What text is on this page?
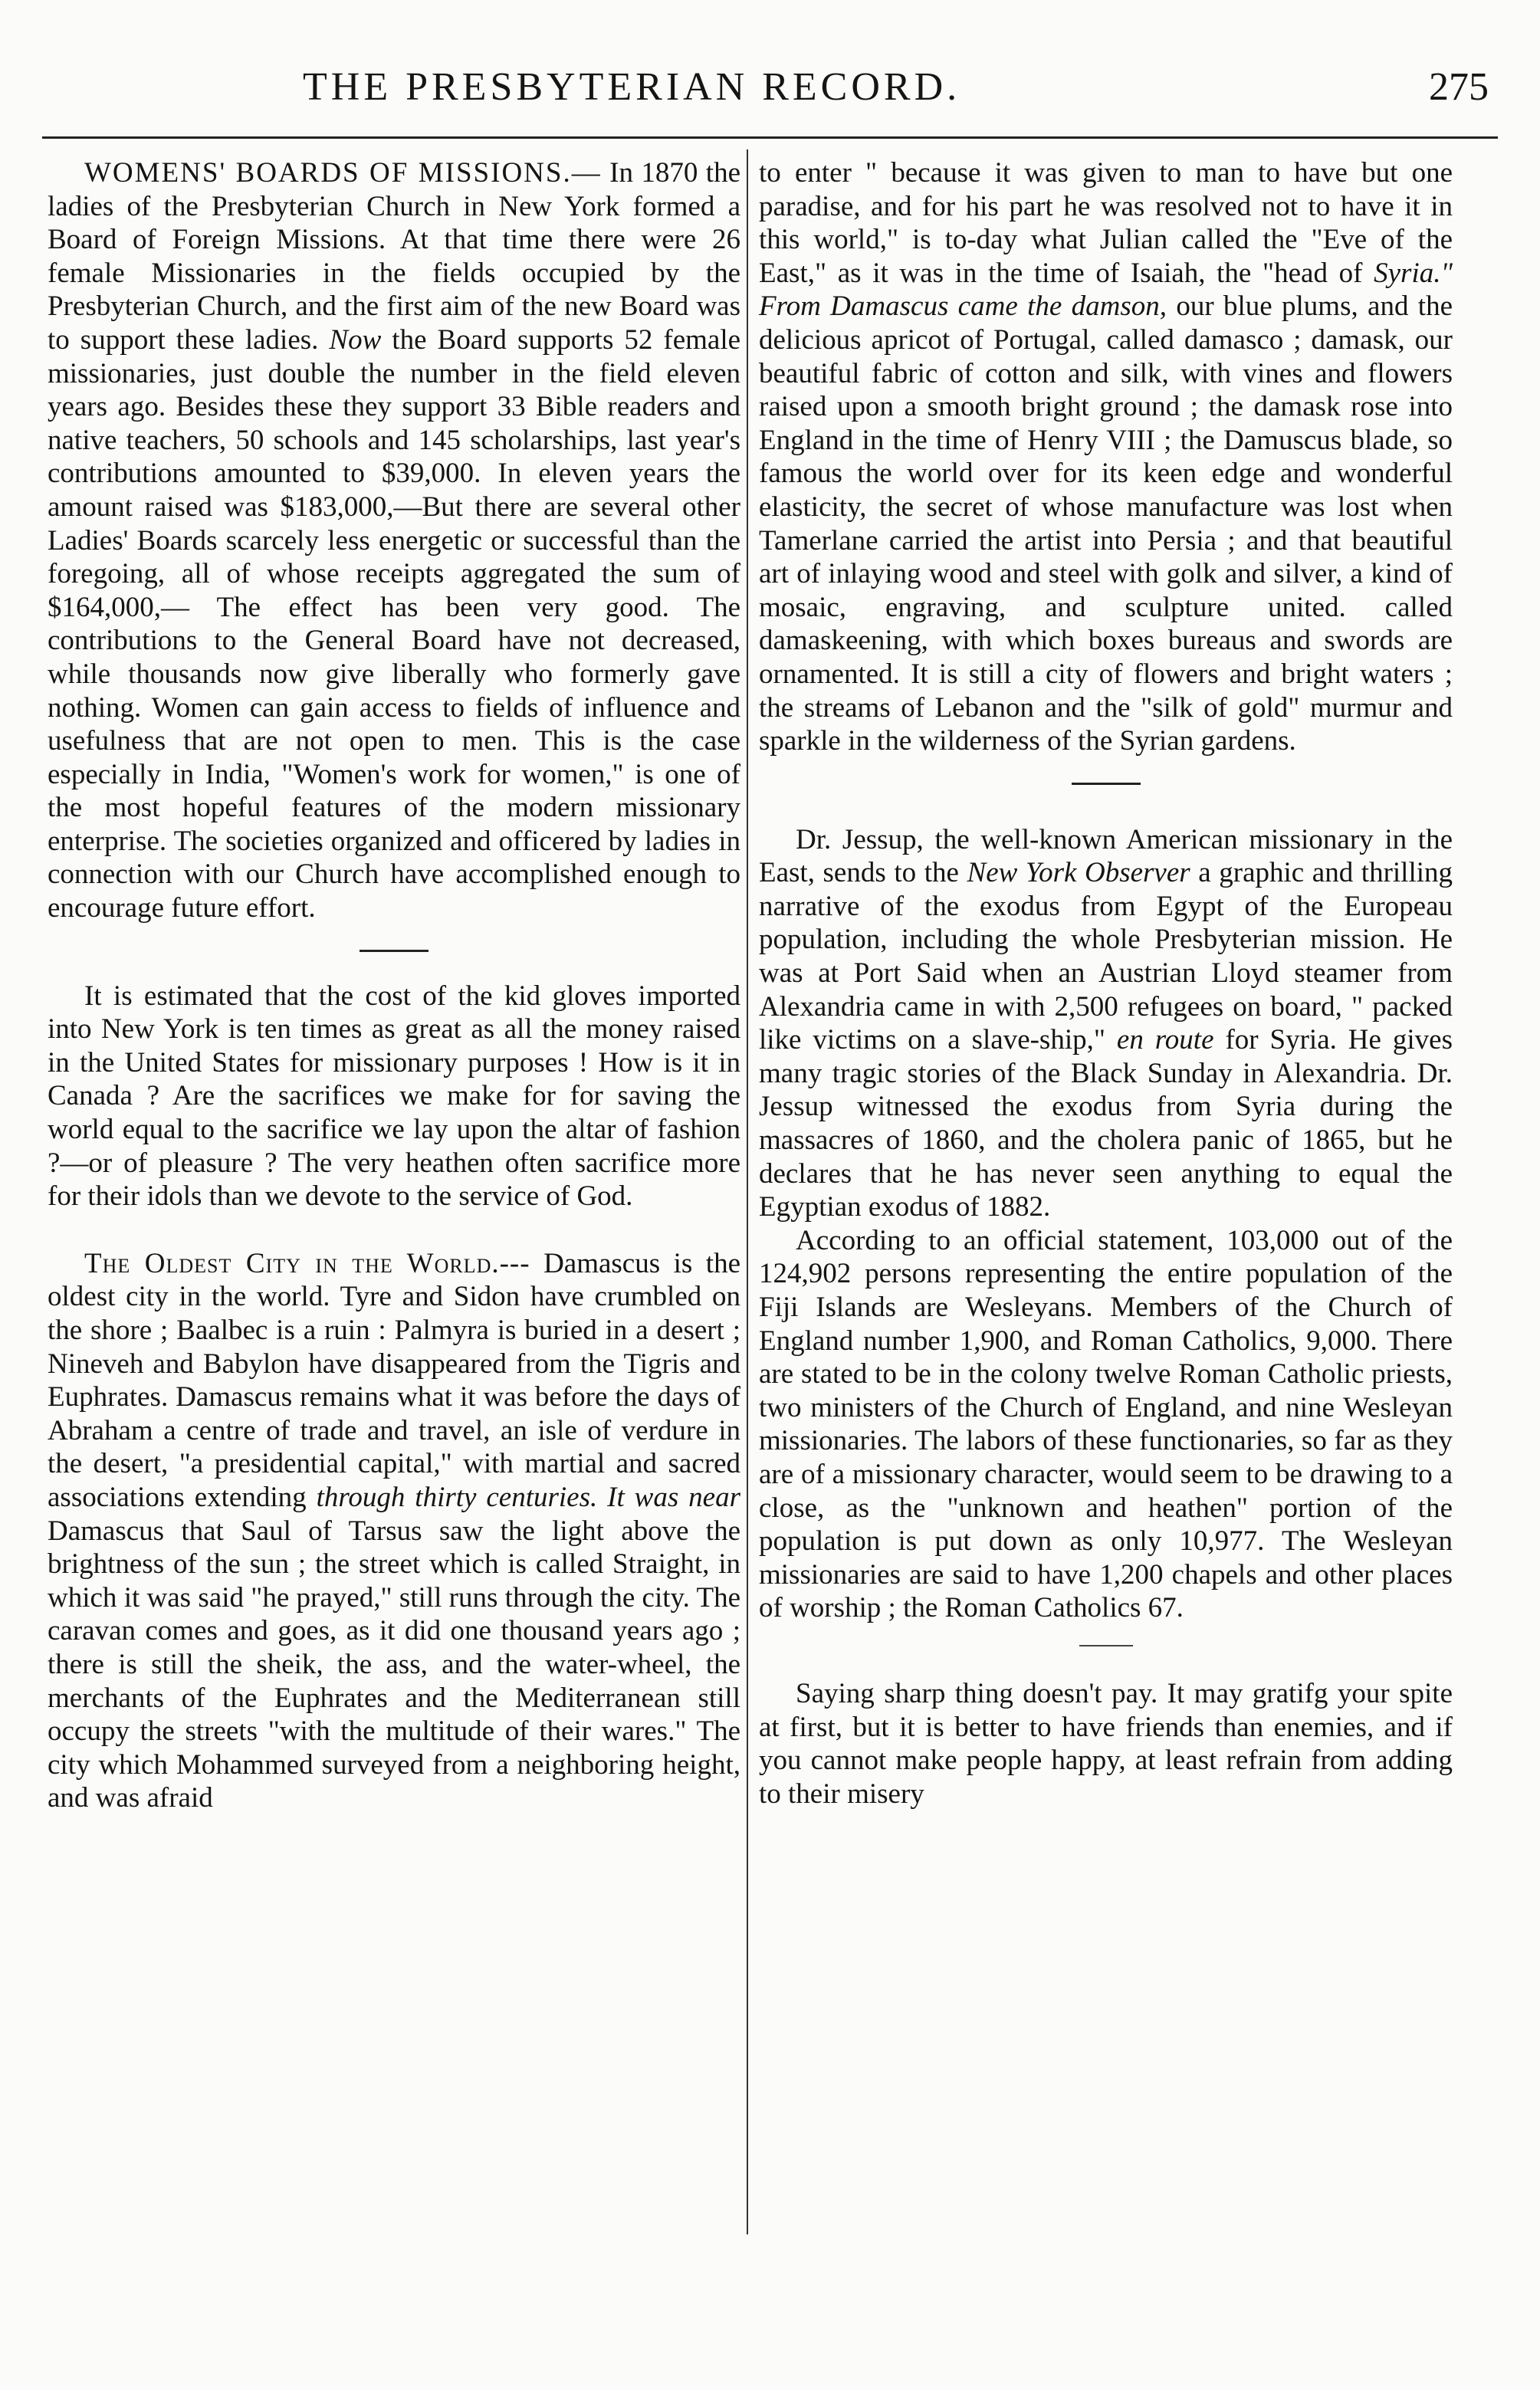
THE PRESBYTERIAN RECORD.	275

WOMENS' BOARDS OF MISSIONS.— In 1870 the ladies of the Presbyterian Church in New York formed a Board of Foreign Missions. At that time there were 26 female Missionaries in the fields occupied by the Presbyterian Church, and the first aim of the new Board was to support these ladies. Now the Board supports 52 female missionaries, just double the number in the field eleven years ago. Besides these they support 33 Bible readers and native teachers, 50 schools and 145 scholarships, last year's contributions amounted to $39,000. In eleven years the amount raised was $183,000,—But there are several other Ladies' Boards scarcely less energetic or successful than the foregoing, all of whose receipts aggregated the sum of $164,000,— The effect has been very good. The contributions to the General Board have not decreased, while thousands now give liberally who formerly gave nothing. Women can gain access to fields of influence and usefulness that are not open to men. This is the case especially in India, "Women's work for women," is one of the most hopeful features of the modern missionary enterprise. The societies organized and officered by ladies in connection with our Church have accomplished enough to encourage future effort.

It is estimated that the cost of the kid gloves imported into New York is ten times as great as all the money raised in the United States for missionary purposes ! How is it in Canada ? Are the sacrifices we make for for saving the world equal to the sacrifice we lay upon the altar of fashion ?—or of pleasure ? The very heathen often sacrifice more for their idols than we devote to the service of God.

The Oldest City in the World.--- Damascus is the oldest city in the world. Tyre and Sidon have crumbled on the shore ; Baalbec is a ruin : Palmyra is buried in a desert ; Nineveh and Babylon have disappeared from the Tigris and Euphrates. Damascus remains what it was before the days of Abraham a centre of trade and travel, an isle of verdure in the desert, "a presidential capital," with martial and sacred associations extending through thirty centuries. It was near Damascus that Saul of Tarsus saw the light above the brightness of the sun ; the street which is called Straight, in which it was said "he prayed," still runs through the city. The caravan comes and goes, as it did one thousand years ago ; there is still the sheik, the ass, and the water-wheel, the merchants of the Euphrates and the Mediterranean still occupy the streets "with the multitude of their wares." The city which Mohammed surveyed from a neighboring height, and was afraid

to enter " because it was given to man to have but one paradise, and for his part he was resolved not to have it in this world," is to-day what Julian called the "Eve of the East," as it was in the time of Isaiah, the "head of Syria." From Damascus came the damson, our blue plums, and the delicious apricot of Portugal, called damasco ; damask, our beautiful fabric of cotton and silk, with vines and flowers raised upon a smooth bright ground ; the damask rose into England in the time of Henry VIII ; the Damuscus blade, so famous the world over for its keen edge and wonderful elasticity, the secret of whose manufacture was lost when Tamerlane carried the artist into Persia ; and that beautiful art of inlaying wood and steel with golk and silver, a kind of mosaic, engraving, and sculpture united. called damaskeening, with which boxes bureaus and swords are ornamented. It is still a city of flowers and bright waters ; the streams of Lebanon and the "silk of gold" murmur and sparkle in the wilderness of the Syrian gardens.

Dr. Jessup, the well-known American missionary in the East, sends to the New York Observer a graphic and thrilling narrative of the exodus from Egypt of the Europeau population, including the whole Presbyterian mission. He was at Port Said when an Austrian Lloyd steamer from Alexandria came in with 2,500 refugees on board, " packed like victims on a slave-ship," en route for Syria. He gives many tragic stories of the Black Sunday in Alexandria. Dr. Jessup witnessed the exodus from Syria during the massacres of 1860, and the cholera panic of 1865, but he declares that he has never seen anything to equal the Egyptian exodus of 1882.

According to an official statement, 103,000 out of the 124,902 persons representing the entire population of the Fiji Islands are Wesleyans. Members of the Church of England number 1,900, and Roman Catholics, 9,000. There are stated to be in the colony twelve Roman Catholic priests, two ministers of the Church of England, and nine Wesleyan missionaries. The labors of these functionaries, so far as they are of a missionary character, would seem to be drawing to a close, as the "unknown and heathen" portion of the population is put down as only 10,977. The Wesleyan missionaries are said to have 1,200 chapels and other places of worship ; the Roman Catholics 67.

Saying sharp thing doesn't pay. It may gratifg your spite at first, but it is better to have friends than enemies, and if you cannot make people happy, at least refrain from adding to their misery
